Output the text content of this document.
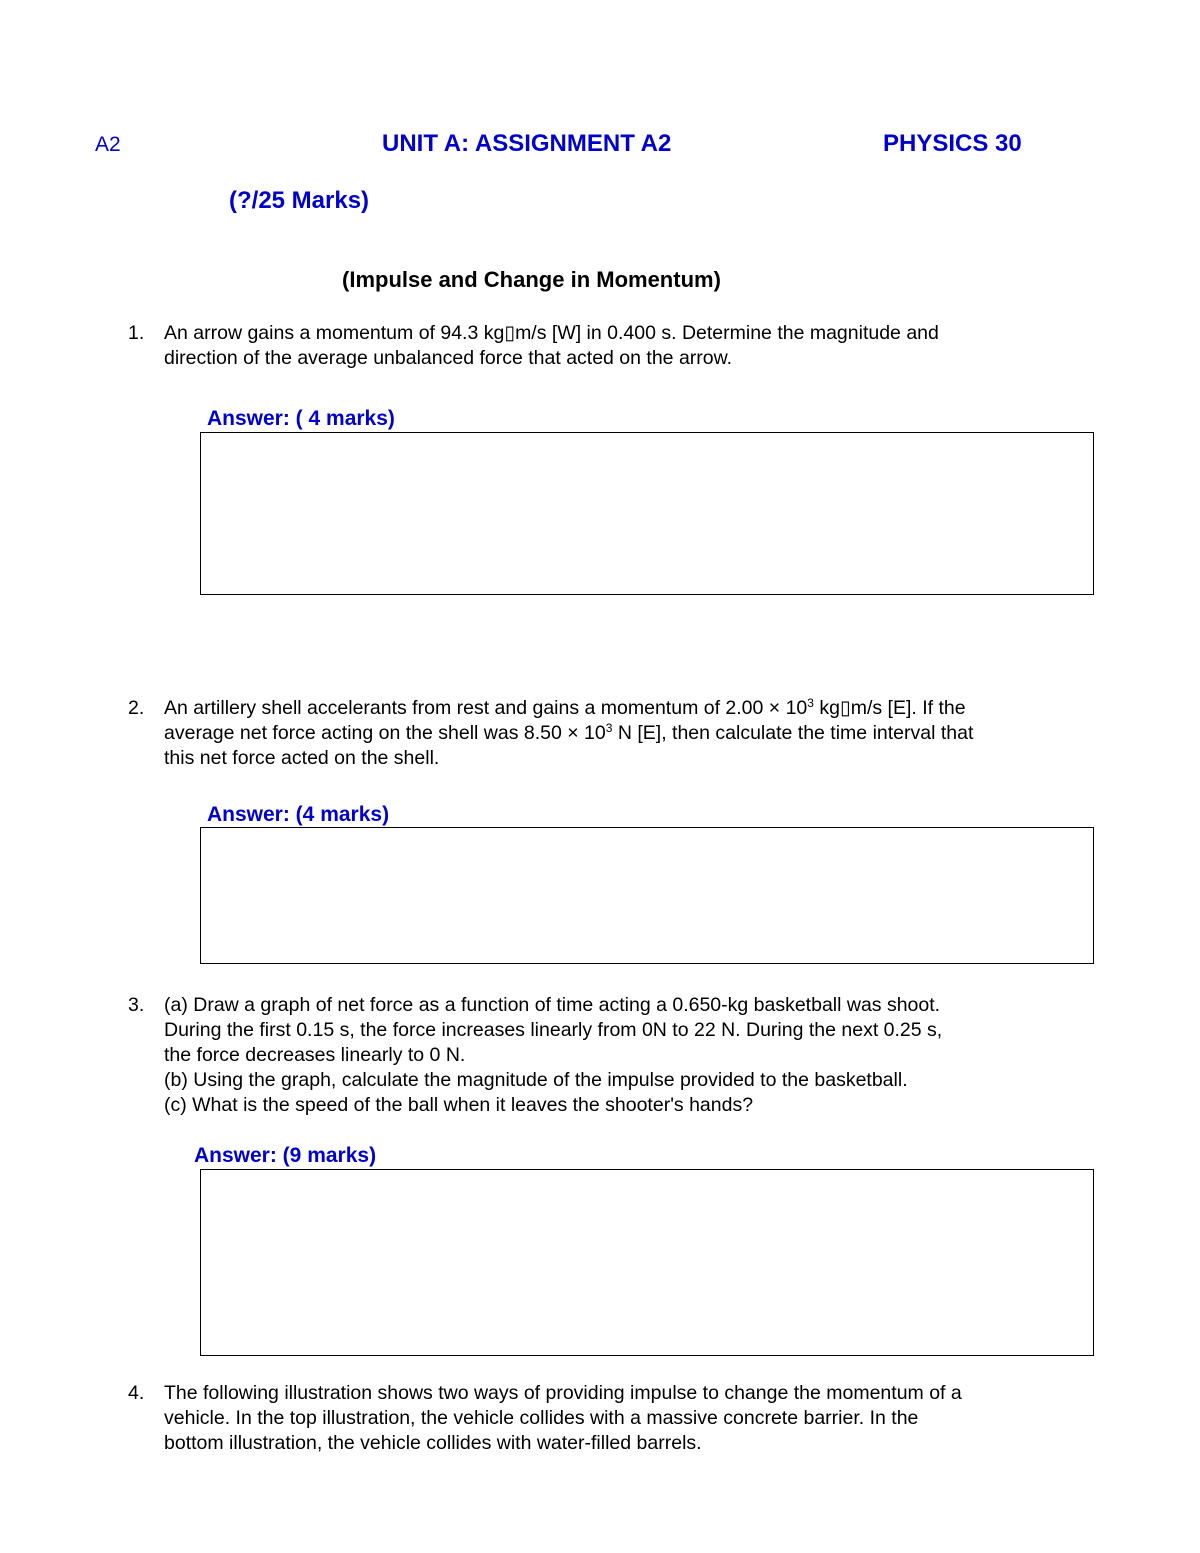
A2	UNIT A: ASSIGNMENT A2	PHYSICS 30
(?/25 Marks)
(Impulse and Change in Momentum)
1.	An arrow gains a momentum of 94.3 kg▯m/s [W] in 0.400 s. Determine the magnitude and

direction of the average unbalanced force that acted on the arrow.

Answer: ( 4 marks)
2.	An artillery shell accelerants from rest and gains a momentum of $2.00 \times 10^3$ kg▯m/s [E]. If the

average net force acting on the shell was $8.50 \times 10^3$ N [E], then calculate the time interval that

this net force acted on the shell.

Answer: (4 marks)
3.	(a) Draw a graph of net force as a function of time acting a 0.650-kg basketball was shoot.

During the first 0.15 s, the force increases linearly from 0N to 22 N. During the next 0.25 s,

the force decreases linearly to 0 N.

(b) Using the graph, calculate the magnitude of the impulse provided to the basketball.

(c) What is the speed of the ball when it leaves the shooter's hands?

Answer: (9 marks)
4.	The following illustration shows two ways of providing impulse to change the momentum of a

vehicle. In the top illustration, the vehicle collides with a massive concrete barrier. In the

bottom illustration, the vehicle collides with water-filled barrels.
